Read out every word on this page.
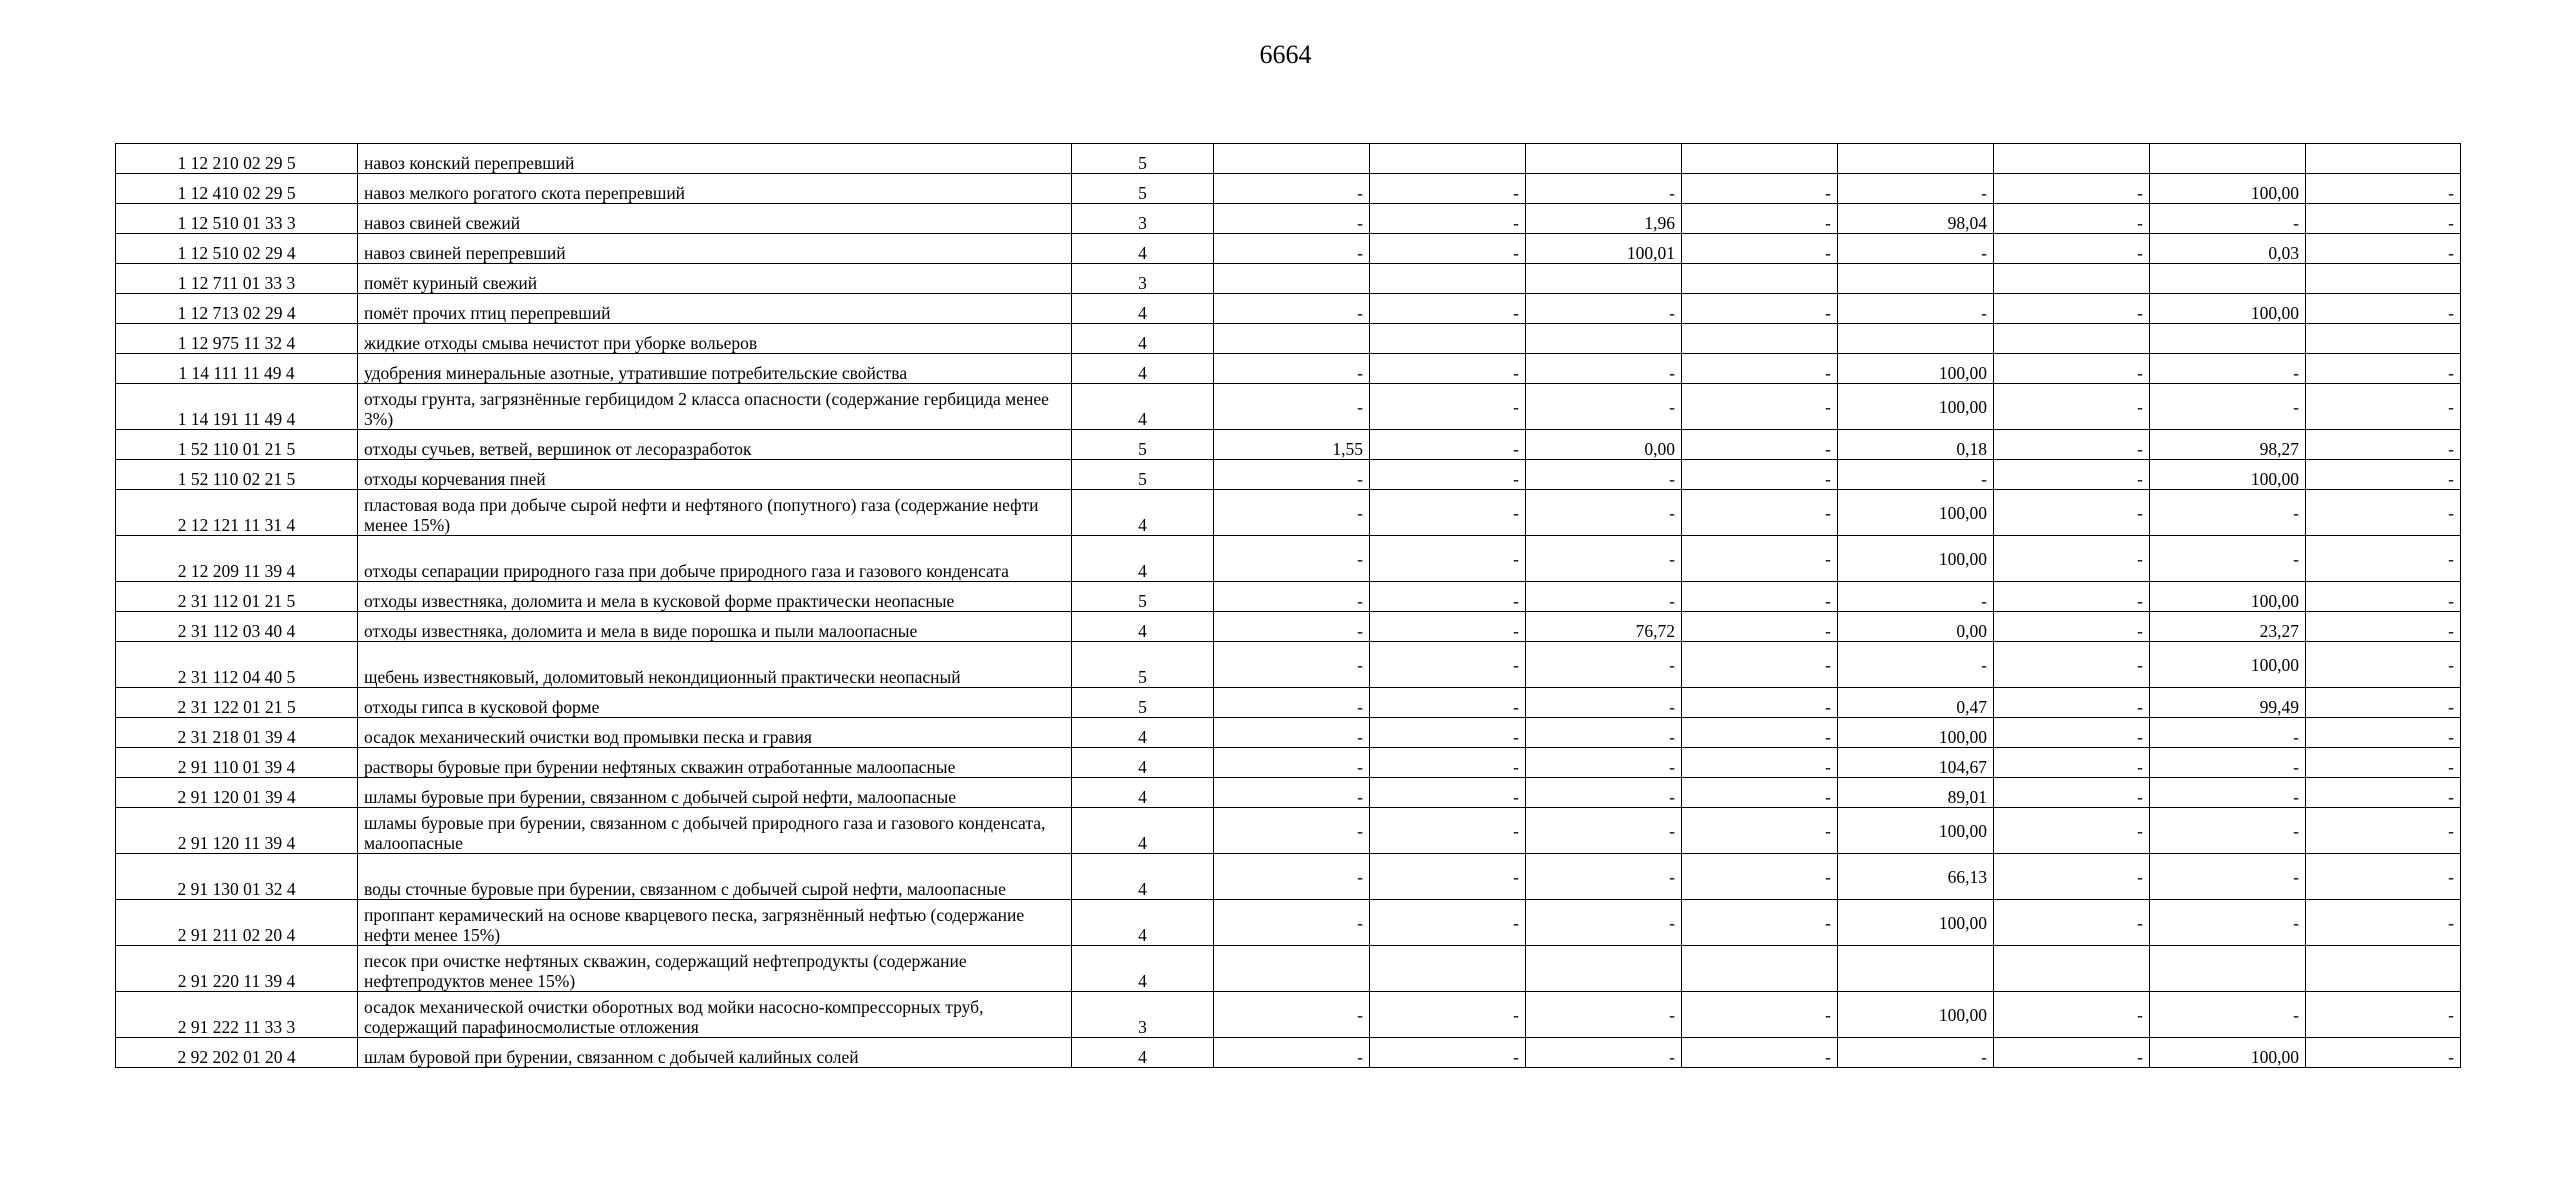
6664
1 12 210 02 29 5	навоз конский перепревший	5								
1 12 410 02 29 5	навоз мелкого рогатого скота перепревший	5	-	-	-	-	-	-	100,00	-
1 12 510 01 33 3	навоз свиней свежий	3	-	-	1,96	-	98,04	-	-	-
1 12 510 02 29 4	навоз свиней перепревший	4	-	-	100,01	-	-	-	0,03	-
1 12 711 01 33 3	помёт куриный свежий	3								
1 12 713 02 29 4	помёт прочих птиц перепревший	4	-	-	-	-	-	-	100,00	-
1 12 975 11 32 4	жидкие отходы смыва нечистот при уборке вольеров	4								
1 14 111 11 49 4	удобрения минеральные азотные, утратившие потребительские свойства	4	-	-	-	-	100,00	-	-	-
1 14 191 11 49 4	отходы грунта, загрязнённые гербицидом 2 класса опасности (содержание гербицида менее 3%)	4	-	-	-	-	100,00	-	-	-
1 52 110 01 21 5	отходы сучьев, ветвей, вершинок от лесоразработок	5	1,55	-	0,00	-	0,18	-	98,27	-
1 52 110 02 21 5	отходы корчевания пней	5	-	-	-	-	-	-	100,00	-
2 12 121 11 31 4	пластовая вода при добыче сырой нефти и нефтяного (попутного) газа (содержание нефти менее 15%)	4	-	-	-	-	100,00	-	-	-
2 12 209 11 39 4	отходы сепарации природного газа при добыче природного газа и газового конденсата	4	-	-	-	-	100,00	-	-	-
2 31 112 01 21 5	отходы известняка, доломита и мела в кусковой форме практически неопасные	5	-	-	-	-	-	-	100,00	-
2 31 112 03 40 4	отходы известняка, доломита и мела в виде порошка и пыли малоопасные	4	-	-	76,72	-	0,00	-	23,27	-
2 31 112 04 40 5	щебень известняковый, доломитовый некондиционный практически неопасный	5	-	-	-	-	-	-	100,00	-
2 31 122 01 21 5	отходы гипса в кусковой форме	5	-	-	-	-	0,47	-	99,49	-
2 31 218 01 39 4	осадок механический очистки вод промывки песка и гравия	4	-	-	-	-	100,00	-	-	-
2 91 110 01 39 4	растворы буровые при бурении нефтяных скважин отработанные малоопасные	4	-	-	-	-	104,67	-	-	-
2 91 120 01 39 4	шламы буровые при бурении, связанном с добычей сырой нефти, малоопасные	4	-	-	-	-	89,01	-	-	-
2 91 120 11 39 4	шламы буровые при бурении, связанном с добычей природного газа и газового конденсата, малоопасные	4	-	-	-	-	100,00	-	-	-
2 91 130 01 32 4	воды сточные буровые при бурении, связанном с добычей сырой нефти, малоопасные	4	-	-	-	-	66,13	-	-	-
2 91 211 02 20 4	проппант керамический на основе кварцевого песка, загрязнённый нефтью (содержание нефти менее 15%)	4	-	-	-	-	100,00	-	-	-
2 91 220 11 39 4	песок при очистке нефтяных скважин, содержащий нефтепродукты (содержание нефтепродуктов менее 15%)	4								
2 91 222 11 33 3	осадок механической очистки оборотных вод мойки насосно-компрессорных труб, содержащий парафиносмолистые отложения	3	-	-	-	-	100,00	-	-	-
2 92 202 01 20 4	шлам буровой при бурении, связанном с добычей калийных солей	4	-	-	-	-	-	-	100,00	-
